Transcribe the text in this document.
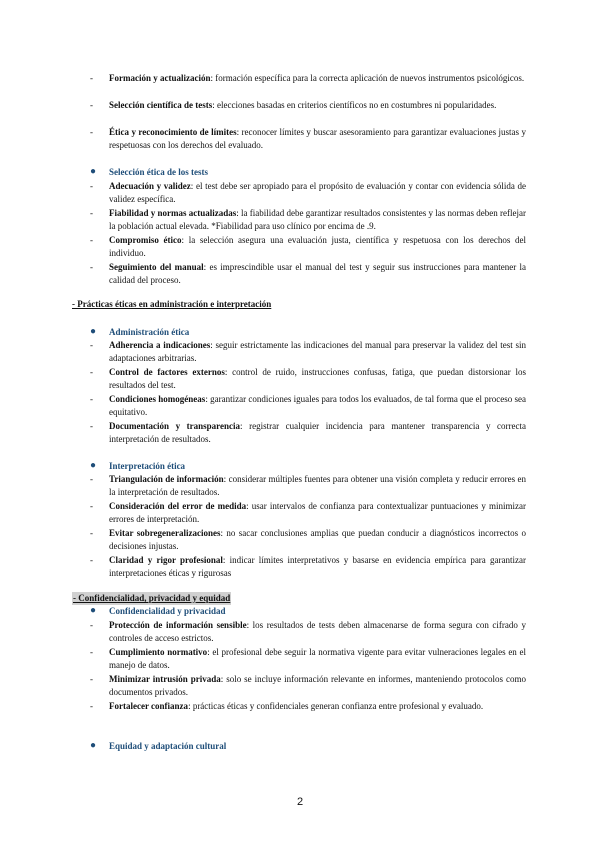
- Formación y actualización: formación específica para la correcta aplicación de nuevos instrumentos psicológicos.
- Selección científica de tests: elecciones basadas en criterios científicos no en costumbres ni popularidades.
- Ética y reconocimiento de límites: reconocer límites y buscar asesoramiento para garantizar evaluaciones justas y respetuosas con los derechos del evaluado.
● Selección ética de los tests
- Adecuación y validez: el test debe ser apropiado para el propósito de evaluación y contar con evidencia sólida de validez específica.
- Fiabilidad y normas actualizadas: la fiabilidad debe garantizar resultados consistentes y las normas deben reflejar la población actual elevada. *Fiabilidad para uso clínico por encima de .9.
- Compromiso ético: la selección asegura una evaluación justa, científica y respetuosa con los derechos del individuo.
- Seguimiento del manual: es imprescindible usar el manual del test y seguir sus instrucciones para mantener la calidad del proceso.
- Prácticas éticas en administración e interpretación
● Administración ética
- Adherencia a indicaciones: seguir estrictamente las indicaciones del manual para preservar la validez del test sin adaptaciones arbitrarias.
- Control de factores externos: control de ruido, instrucciones confusas, fatiga, que puedan distorsionar los resultados del test.
- Condiciones homogéneas: garantizar condiciones iguales para todos los evaluados, de tal forma que el proceso sea equitativo.
- Documentación y transparencia: registrar cualquier incidencia para mantener transparencia y correcta interpretación de resultados.
● Interpretación ética
- Triangulación de información: considerar múltiples fuentes para obtener una visión completa y reducir errores en la interpretación de resultados.
- Consideración del error de medida: usar intervalos de confianza para contextualizar puntuaciones y minimizar errores de interpretación.
- Evitar sobregeneralizaciones: no sacar conclusiones amplias que puedan conducir a diagnósticos incorrectos o decisiones injustas.
- Claridad y rigor profesional: indicar límites interpretativos y basarse en evidencia empírica para garantizar interpretaciones éticas y rigurosas
- Confidencialidad, privacidad y equidad
● Confidencialidad y privacidad
- Protección de información sensible: los resultados de tests deben almacenarse de forma segura con cifrado y controles de acceso estrictos.
- Cumplimiento normativo: el profesional debe seguir la normativa vigente para evitar vulneraciones legales en el manejo de datos.
- Minimizar intrusión privada: solo se incluye información relevante en informes, manteniendo protocolos como documentos privados.
- Fortalecer confianza: prácticas éticas y confidenciales generan confianza entre profesional y evaluado.
● Equidad y adaptación cultural
2
